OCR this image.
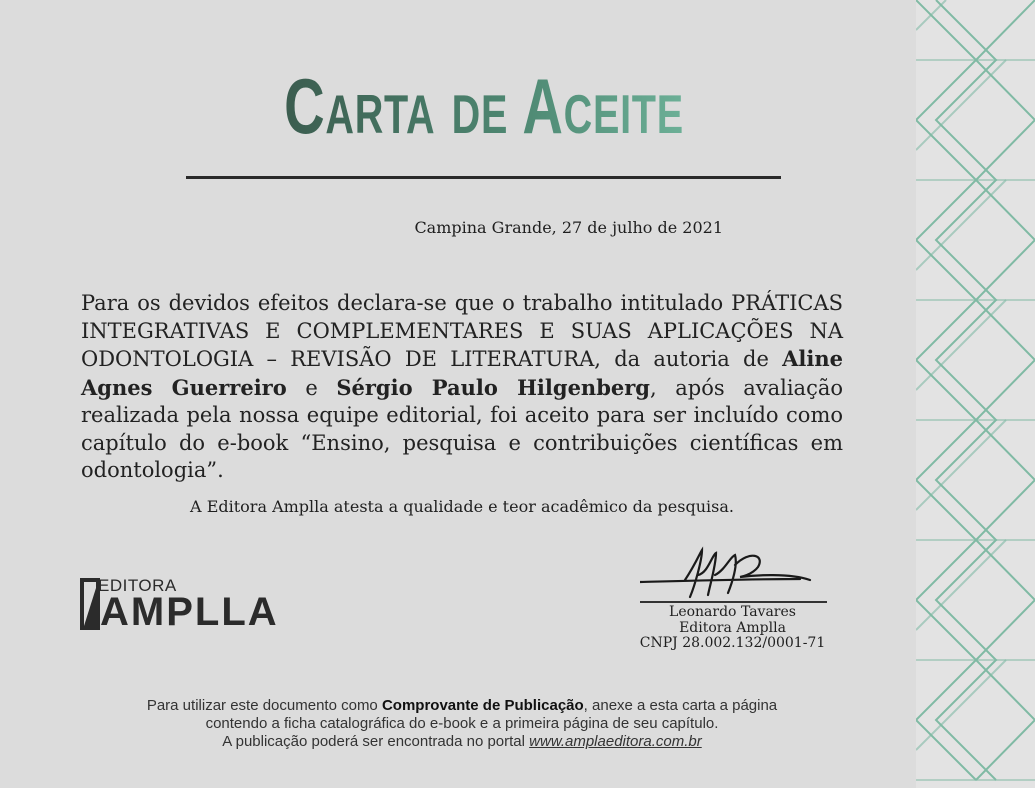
Carta de Aceite
Campina Grande, 27 de julho de 2021
Para os devidos efeitos declara-se que o trabalho intitulado PRÁTICAS INTEGRATIVAS E COMPLEMENTARES E SUAS APLICAÇÕES NA ODONTOLOGIA – REVISÃO DE LITERATURA, da autoria de Aline Agnes Guerreiro e Sérgio Paulo Hilgenberg, após avaliação realizada pela nossa equipe editorial, foi aceito para ser incluído como capítulo do e-book “Ensino, pesquisa e contribuições científicas em odontologia”.
A Editora Amplla atesta a qualidade e teor acadêmico da pesquisa.
EDITORA
AMPLLA	Leonardo Tavares
Editora Amplla
CNPJ 28.002.132/0001-71
Para utilizar este documento como Comprovante de Publicação, anexe a esta carta a página
contendo a ficha catalográfica do e-book e a primeira página de seu capítulo.
A publicação poderá ser encontrada no portal www.amplaeditora.com.br
